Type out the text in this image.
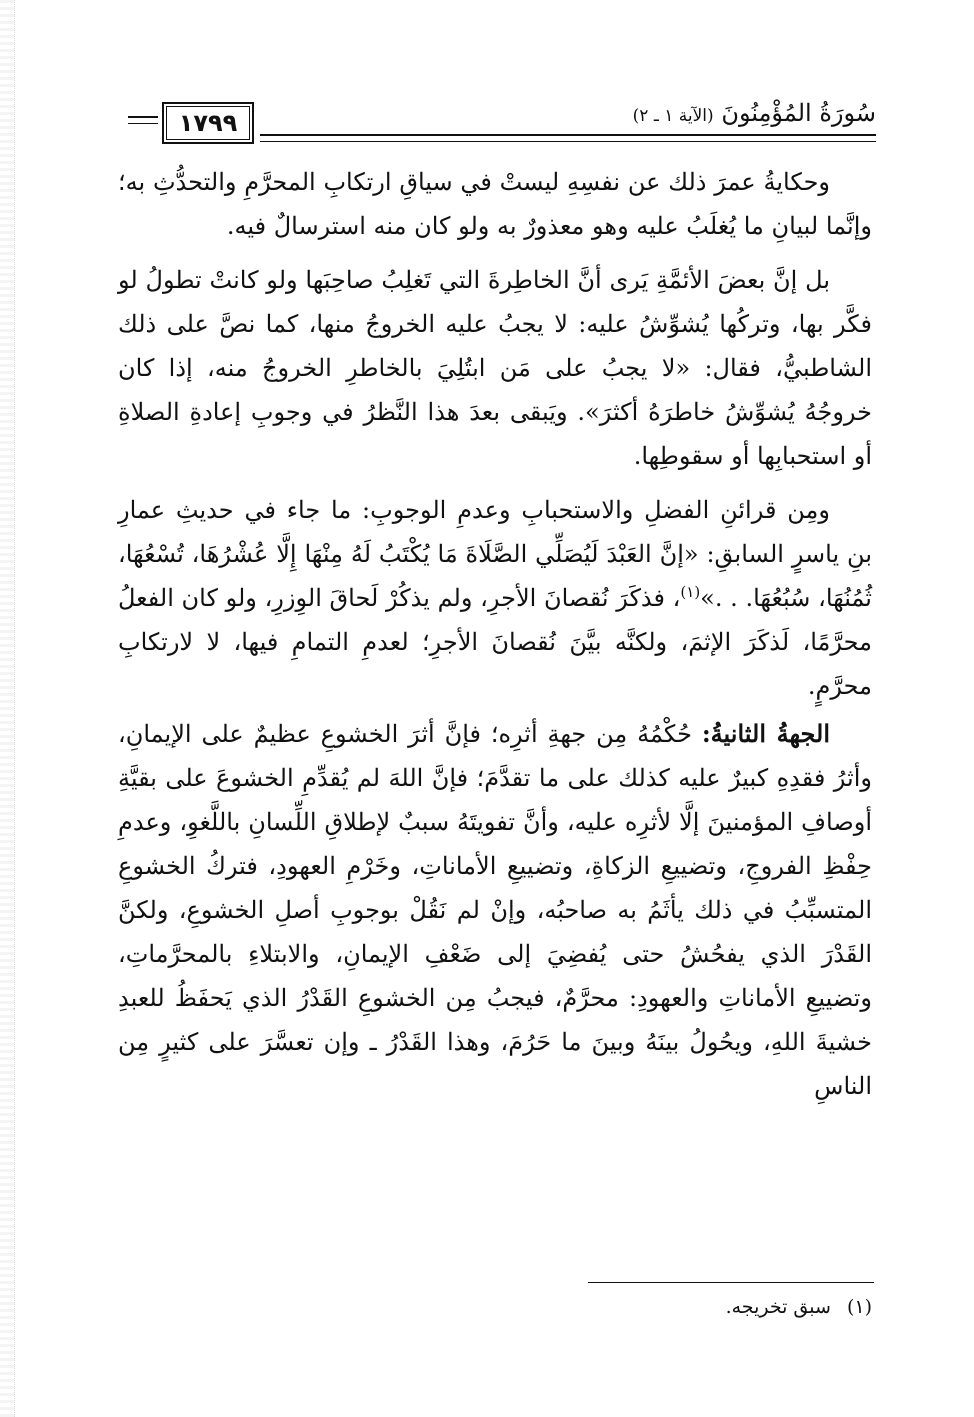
سُورَةُ المُؤْمِنُونَ (الآية ١ ـ ٢)
١٧٩٩

وحكايةُ عمرَ ذلك عن نفسِهِ ليستْ في سياقِ ارتكابِ المحرَّمِ والتحدُّثِ به؛ وإنَّما لبيانِ ما يُغلَبُ عليه وهو معذورٌ به ولو كان منه استرسالٌ فيه.

بل إنَّ بعضَ الأئمَّةِ يَرى أنَّ الخاطِرةَ التي تَغلِبُ صاحِبَها ولو كانتْ تطولُ لو فكَّر بها، وتركُها يُشوِّشُ عليه: لا يجبُ عليه الخروجُ منها، كما نصَّ على ذلك الشاطبيُّ، فقال: «لا يجبُ على مَن ابتُلِيَ بالخاطرِ الخروجُ منه، إذا كان خروجُهُ يُشوِّشُ خاطرَهُ أكثرَ». ويَبقى بعدَ هذا النَّظرُ في وجوبِ إعادةِ الصلاةِ أو استحبابِها أو سقوطِها.

ومِن قرائنِ الفضلِ والاستحبابِ وعدمِ الوجوبِ: ما جاء في حديثِ عمارِ بنِ ياسرٍ السابقِ: «إنَّ العَبْدَ لَيُصَلِّي الصَّلَاةَ مَا يُكْتَبُ لَهُ مِنْهَا إِلَّا عُشْرُهَا، تُسْعُهَا، ثُمُنُهَا، سُبُعُهَا. . .»$^{(١)}$، فذكَرَ نُقصانَ الأجرِ، ولم يذكُرْ لَحاقَ الوِزرِ، ولو كان الفعلُ محرَّمًا، لَذكَرَ الإثمَ، ولكنَّه بيَّنَ نُقصانَ الأجرِ؛ لعدمِ التمامِ فيها، لا لارتكابِ محرَّمٍ.

الجهةُ الثانيةُ: حُكْمُهُ مِن جهةِ أثرِه؛ فإنَّ أثرَ الخشوعِ عظيمٌ على الإيمانِ، وأثرُ فقدِهِ كبيرٌ عليه كذلك على ما تقدَّمَ؛ فإنَّ اللهَ لم يُقدِّمِ الخشوعَ على بقيَّةِ أوصافِ المؤمنينَ إلَّا لأثرِه عليه، وأنَّ تفويتَهُ سببٌ لإطلاقِ اللِّسانِ باللَّغوِ، وعدمِ حِفْظِ الفروجِ، وتضييعِ الزكاةِ، وتضييعِ الأماناتِ، وخَرْمِ العهودِ، فتركُ الخشوعِ المتسبِّبُ في ذلك يأثَمُ به صاحبُه، وإنْ لم نَقُلْ بوجوبِ أصلِ الخشوعِ، ولكنَّ القَدْرَ الذي يفحُشُ حتى يُفضِيَ إلى ضَعْفِ الإيمانِ، والابتلاءِ بالمحرَّماتِ، وتضييعِ الأماناتِ والعهودِ: محرَّمٌ، فيجبُ مِن الخشوعِ القَدْرُ الذي يَحفَظُ للعبدِ خشيةَ اللهِ، ويحُولُ بينَهُ وبينَ ما حَرُمَ، وهذا القَدْرُ ـ وإن تعسَّرَ على كثيرٍ مِن الناسِ

(١)سبق تخريجه.
